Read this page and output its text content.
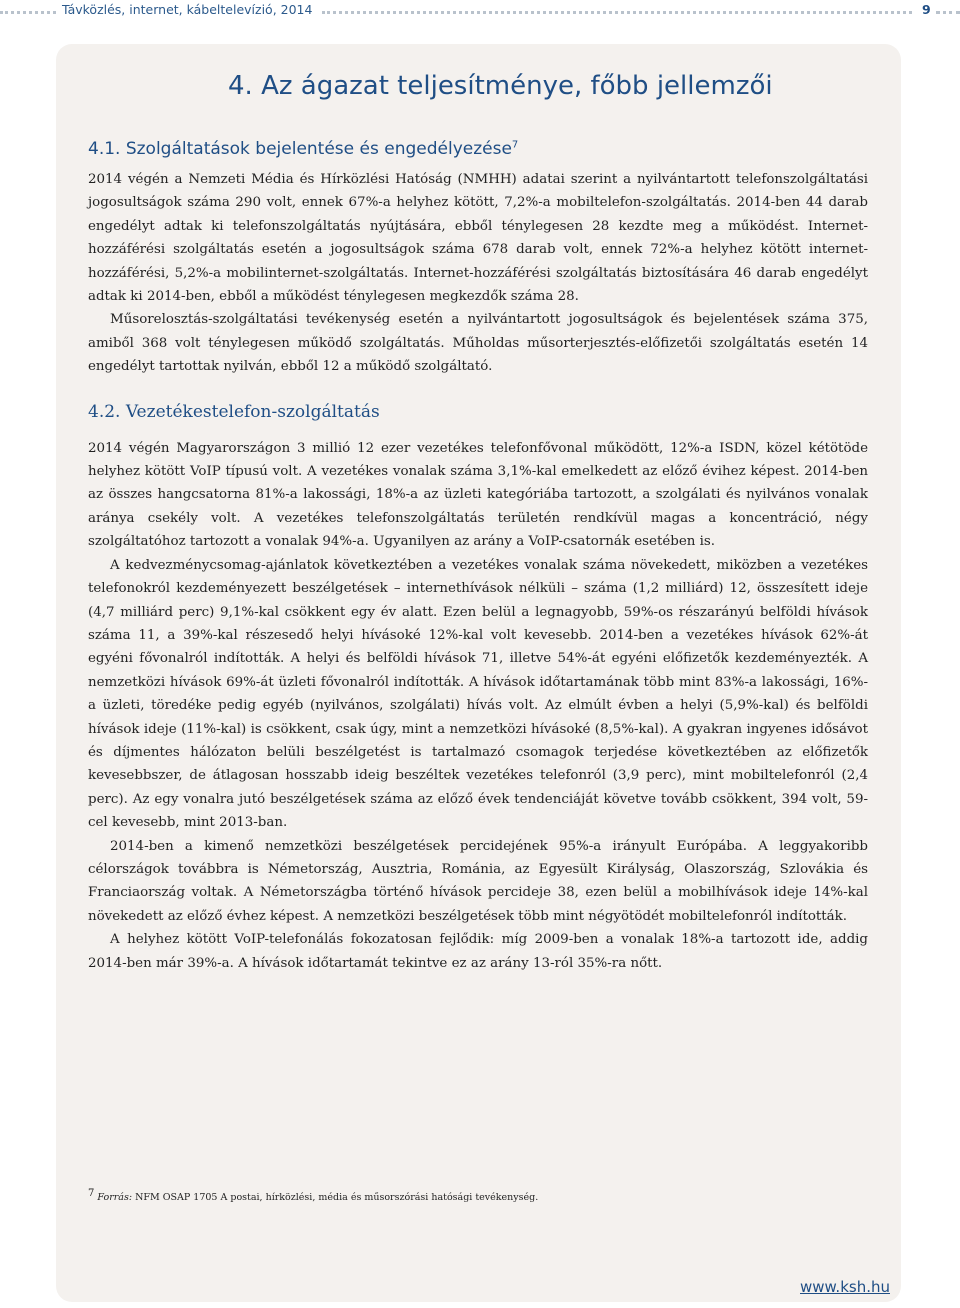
Távközlés, internet, kábeltelevízió, 2014	9
4. Az ágazat teljesítménye, főbb jellemzői
4.1. Szolgáltatások bejelentése és engedélyezése$^7$

2014 végén a Nemzeti Média és Hírközlési Hatóság (NMHH) adatai szerint a nyilvántartott telefonszolgáltatási jogosultságok száma 290 volt, ennek 67%-a helyhez kötött, 7,2%-a mobiltelefon-szolgáltatás. 2014-ben 44 darab engedélyt adtak ki telefonszolgáltatás nyújtására, ebből ténylegesen 28 kezdte meg a működést. Internet-hozzáférési szolgáltatás esetén a jogosultságok száma 678 darab volt, ennek 72%-a helyhez kötött internet-hozzáférési, 5,2%-a mobilinternet-szolgáltatás. Internet-hozzáférési szolgáltatás biztosítására 46 darab engedélyt adtak ki 2014-ben, ebből a működést ténylegesen megkezdők száma 28.

Műsorelosztás-szolgáltatási tevékenység esetén a nyilvántartott jogosultságok és bejelentések száma 375, amiből 368 volt ténylegesen működő szolgáltatás. Műholdas műsorterjesztés-előfizetői szolgáltatás esetén 14 engedélyt tartottak nyilván, ebből 12 a működő szolgáltató.

4.2. Vezetékestelefon-szolgáltatás

2014 végén Magyarországon 3 millió 12 ezer vezetékes telefonfővonal működött, 12%-a ISDN, közel kétötöde helyhez kötött VoIP típusú volt. A vezetékes vonalak száma 3,1%-kal emelkedett az előző évihez képest. 2014-ben az összes hangcsatorna 81%-a lakossági, 18%-a az üzleti kategóriába tartozott, a szolgálati és nyilvános vonalak aránya csekély volt. A vezetékes telefonszolgáltatás területén rendkívül magas a koncentráció, négy szolgáltatóhoz tartozott a vonalak 94%-a. Ugyanilyen az arány a VoIP-csatornák esetében is.

A kedvezménycsomag-ajánlatok következtében a vezetékes vonalak száma növekedett, miközben a vezetékes telefonokról kezdeményezett beszélgetések – internethívások nélküli – száma (1,2 milliárd) 12, összesített ideje (4,7 milliárd perc) 9,1%-kal csökkent egy év alatt. Ezen belül a legnagyobb, 59%-os részarányú belföldi hívások száma 11, a 39%-kal részesedő helyi hívásoké 12%-kal volt kevesebb. 2014-ben a vezetékes hívások 62%-át egyéni fővonalról indították. A helyi és belföldi hívások 71, illetve 54%-át egyéni előfizetők kezdeményezték. A nemzetközi hívások 69%-át üzleti fővonalról indították. A hívások időtartamának több mint 83%-a lakossági, 16%-a üzleti, töredéke pedig egyéb (nyilvános, szolgálati) hívás volt. Az elmúlt évben a helyi (5,9%-kal) és belföldi hívások ideje (11%-kal) is csökkent, csak úgy, mint a nemzetközi hívásoké (8,5%-kal). A gyakran ingyenes idősávot és díjmentes hálózaton belüli beszélgetést is tartalmazó csomagok terjedése következtében az előfizetők kevesebbszer, de átlagosan hosszabb ideig beszéltek vezetékes telefonról (3,9 perc), mint mobiltelefonról (2,4 perc). Az egy vonalra jutó beszélgetések száma az előző évek tendenciáját követve tovább csökkent, 394 volt, 59-cel kevesebb, mint 2013-ban.

2014-ben a kimenő nemzetközi beszélgetések percidejének 95%-a irányult Európába. A leggyakoribb célországok továbbra is Németország, Ausztria, Románia, az Egyesült Királyság, Olaszország, Szlovákia és Franciaország voltak. A Németországba történő hívások percideje 38, ezen belül a mobilhívások ideje 14%-kal növekedett az előző évhez képest. A nemzetközi beszélgetések több mint négyötödét mobiltelefonról indították.

A helyhez kötött VoIP-telefonálás fokozatosan fejlődik: míg 2009-ben a vonalak 18%-a tartozott ide, addig 2014-ben már 39%-a. A hívások időtartamát tekintve ez az arány 13-ról 35%-ra nőtt.

$^7$ Forrás: NFM OSAP 1705 A postai, hírközlési, média és műsorszórási hatósági tevékenység.
www.ksh.hu
